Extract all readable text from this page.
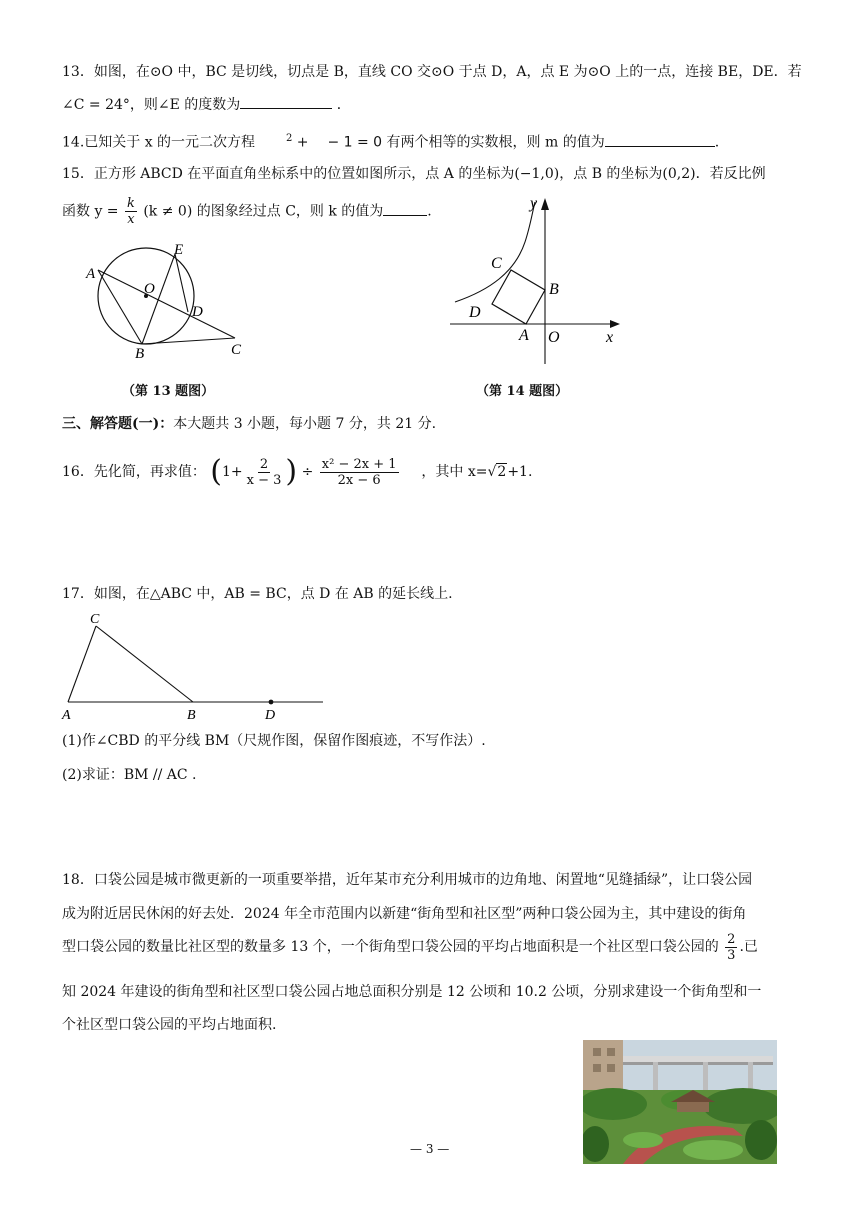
13．如图，在⊙O 中，BC 是切线，切点是 B，直线 CO 交⊙O 于点 D，A，点 E 为⊙O 上的一点，连接 BE，DE．若
∠C = 24°，则∠E 的度数为	．
14.已知关于 x 的一元二次方程	$^2$ + − 1 = 0 有两个相等的实数根，则 m 的值为	.
15．正方形 ABCD 在平面直角坐标系中的位置如图所示，点 A 的坐标为(−1,0)，点 B 的坐标为(0,2)．若反比例
函数 $y = \frac{k}{x} (k \ne 0)$ 的图象经过点 C，则 k 的值为	.
A
O
E
D
B	C
（第 13 题图）
y
x
O
A
B
C
D
（第 14 题图）
三、解答题(一)：本大题共 3 小题，每小题 7 分，共 21 分.
16．先化简，再求值： ($1+ \frac{2}{x - 3}$ ) ÷ $\frac{\text{x² − 2x + 1}}{2x - 6}$ ，其中 x=√2+1.
17．如图，在△ABC 中，AB = BC，点 D 在 AB 的延长线上.
C
A	B	D
(1)作∠CBD 的平分线 BM（尺规作图，保留作图痕迹，不写作法）.
(2)求证：BM // AC .
18．口袋公园是城市微更新的一项重要举措，近年某市充分利用城市的边角地、闲置地“见缝插绿”，让口袋公园
成为附近居民休闲的好去处．2024 年全市范围内以新建“街角型和社区型”两种口袋公园为主，其中建设的街角
型口袋公园的数量比社区型的数量多 13 个，一个街角型口袋公园的平均占地面积是一个社区型口袋公园的 $\frac{2}{3}$ .已
知 2024 年建设的街角型和社区型口袋公园占地总面积分别是 12 公顷和 10.2 公顷，分别求建设一个街角型和一
个社区型口袋公园的平均占地面积.
— 3 —
